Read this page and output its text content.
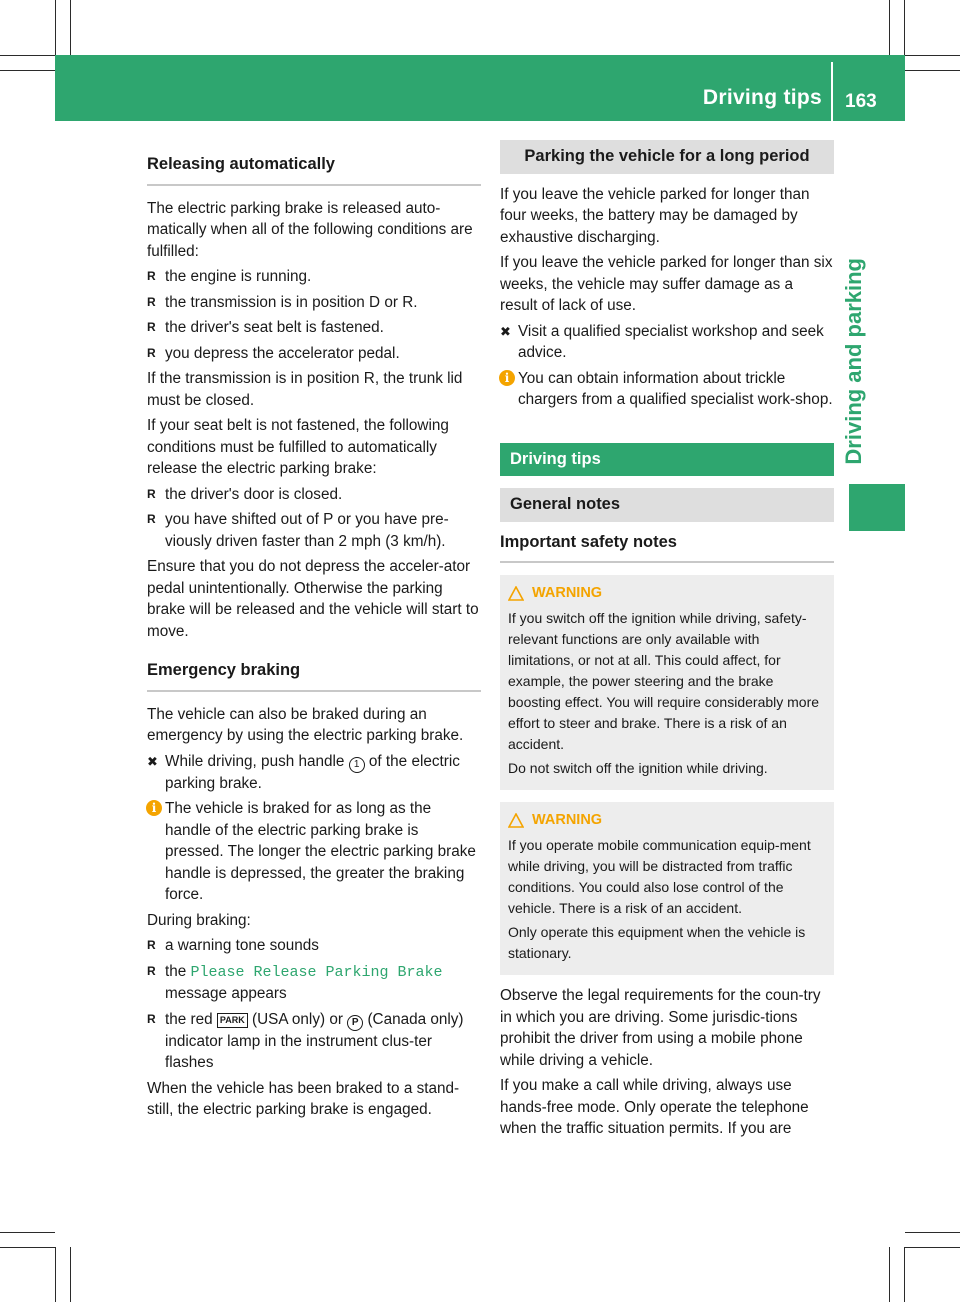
Driving tips 163
Driving and parking
Releasing automatically

The electric parking brake is released auto-matically when all of the following conditions are fulfilled:

R the engine is running.
R the transmission is in position D or R.
R the driver's seat belt is fastened.
R you depress the accelerator pedal.

If the transmission is in position R, the trunk lid must be closed.

If your seat belt is not fastened, the following conditions must be fulfilled to automatically release the electric parking brake:

R the driver's door is closed.
R you have shifted out of P or you have pre-viously driven faster than 2 mph (3 km/h).

Ensure that you do not depress the acceler-ator pedal unintentionally. Otherwise the parking brake will be released and the vehicle will start to move.

Emergency braking

The vehicle can also be braked during an emergency by using the electric parking brake.

✖ While driving, push handle 1 of the electric parking brake.
i The vehicle is braked for as long as the handle of the electric parking brake is pressed. The longer the electric parking brake handle is depressed, the greater the braking force.

During braking:

R a warning tone sounds
R the Please Release Parking Brake
message appears
R the red PARK (USA only) or P (Canada only) indicator lamp in the instrument clus-ter flashes

When the vehicle has been braked to a stand-still, the electric parking brake is engaged.

Parking the vehicle for a long period

If you leave the vehicle parked for longer than four weeks, the battery may be damaged by exhaustive discharging.

If you leave the vehicle parked for longer than six weeks, the vehicle may suffer damage as a result of lack of use.

✖ Visit a qualified specialist workshop and seek advice.
i You can obtain information about trickle chargers from a qualified specialist work-shop.
Driving tips
General notes
Important safety notes
WARNING

If you switch off the ignition while driving, safety-relevant functions are only available with limitations, or not at all. This could affect, for example, the power steering and the brake boosting effect. You will require considerably more effort to steer and brake. There is a risk of an accident.

Do not switch off the ignition while driving.

WARNING

If you operate mobile communication equip-ment while driving, you will be distracted from traffic conditions. You could also lose control of the vehicle. There is a risk of an accident.

Only operate this equipment when the vehicle is stationary.

Observe the legal requirements for the coun-try in which you are driving. Some jurisdic-tions prohibit the driver from using a mobile phone while driving a vehicle.

If you make a call while driving, always use hands-free mode. Only operate the telephone when the traffic situation permits. If you are
